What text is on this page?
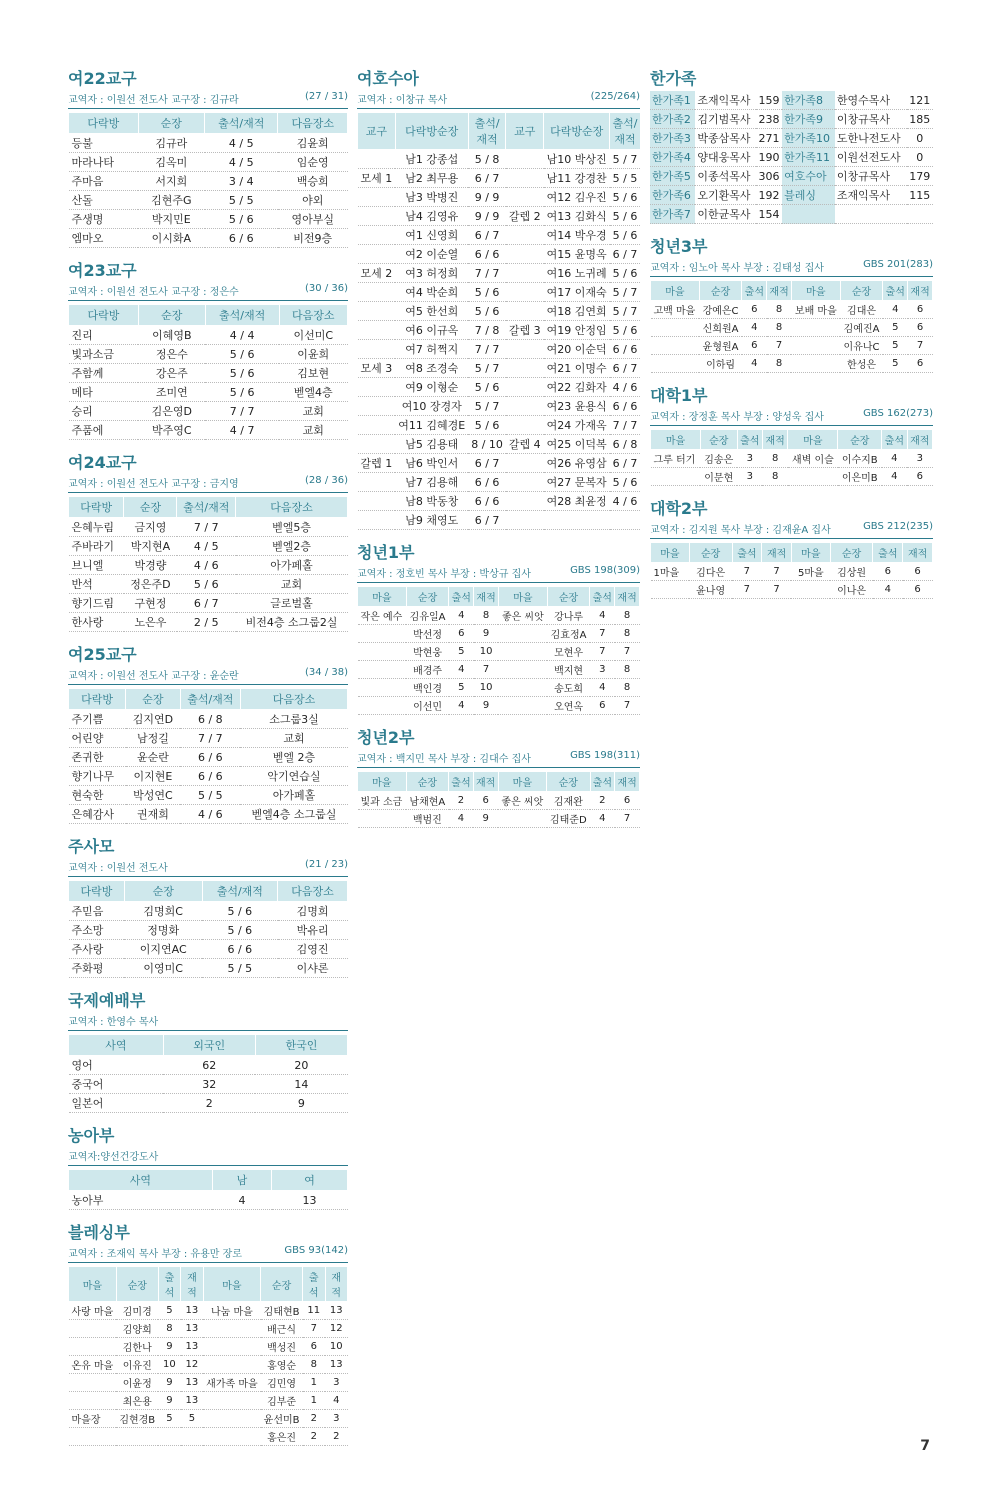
여22교구
교역자 : 이원선 전도사 교구장 : 김규라	(27 / 31)
다락방	순장	출석/재적	다음장소
등불	김규라	4 / 5	김윤희
마라나타	김옥미	4 / 5	임순영
주마음	서지희	3 / 4	백승희
산돌	김현주G	5 / 5	야외
주생명	박지민E	5 / 6	영아부실
엠마오	이시화A	6 / 6	비전9층
여23교구
교역자 : 이원선 전도사 교구장 : 정은수	(30 / 36)
다락방	순장	출석/재적	다음장소
진리	이혜영B	4 / 4	이선미C
빛과소금	정은수	5 / 6	이윤희
주함께	강은주	5 / 6	김보현
메타	조미연	5 / 6	벧엘4층
승리	김은영D	7 / 7	교회
주품에	박주영C	4 / 7	교회
여24교구
교역자 : 이원선 전도사 교구장 : 금지영	(28 / 36)
다락방	순장	출석/재적	다음장소
은혜누림	금지영	7 / 7	벧엘5층
주바라기	박지현A	4 / 5	벧엘2층
브니엘	박경량	4 / 6	아가페홀
반석	정은주D	5 / 6	교회
향기드림	구현정	6 / 7	글로벌홀
한사랑	노은우	2 / 5	비전4층 소그룹2실
여25교구
교역자 : 이원선 전도사 교구장 : 윤순란	(34 / 38)
다락방	순장	출석/재적	다음장소
주기쁨	김지연D	6 / 8	소그룹3실
어린양	남정길	7 / 7	교회
존귀한	윤순란	6 / 6	벧엘 2층
향기나무	이지현E	6 / 6	악기연습실
현숙한	박성연C	5 / 5	아가페홀
은혜감사	권재희	4 / 6	벧엘4층 소그룹실
주사모
교역자 : 이원선 전도사	(21 / 23)
다락방	순장	출석/재적	다음장소
주믿음	김명희C	5 / 6	김명희
주소망	정명화	5 / 6	박유리
주사랑	이지연AC	6 / 6	김영진
주화평	이영미C	5 / 5	이샤론
국제예배부
교역자 : 한영수 목사
사역	외국인	한국인
영어	62	20
중국어	32	14
일본어	2	9
농아부
교역자:양선건강도사
사역	남	여
농아부	4	13
블레싱부
교역자 : 조재익 목사 부장 : 유용만 장로	GBS 93(142)
마을	순장	출석	재적	마을	순장	출석	재적
사랑 마을	김미경	5	13	나눔 마을	김태현B	11	13
	김양희	8	13		배근식	7	12
	김한나	9	13		백성진	6	10
온유 마을	이유진	10	12		홍영순	8	13
	이윤정	9	13	새가족 마을	김민영	1	3
	최은용	9	13		김부준	1	4
마을장	김현경B	5	5		윤선미B	2	3
					홍은진	2	2
여호수아
교역자 : 이창규 목사	(225/264)
교구	다락방순장	출석/재적	교구	다락방순장	출석/재적
	남1 강종섭	5 / 8		남10 박상진	5 / 7
모세 1	남2 최무용	6 / 7		남11 강경찬	5 / 5
	남3 박병진	9 / 9		여12 김우진	5 / 6
	남4 김영유	9 / 9	갈렙 2	여13 김화식	5 / 6
	여1 신영희	6 / 7		여14 박우경	5 / 6
	여2 이순열	6 / 6		여15 윤명옥	6 / 7
모세 2	여3 허정희	7 / 7		여16 노귀례	5 / 6
	여4 박순희	5 / 6		여17 이재숙	5 / 7
	여5 한선희	5 / 6		여18 김연희	5 / 7
	여6 이규옥	7 / 8	갈렙 3	여19 안정임	5 / 6
	여7 허쩍지	7 / 7		여20 이순덕	6 / 6
모세 3	여8 조경숙	5 / 7		여21 이명수	6 / 7
	여9 이형순	5 / 6		여22 김화자	4 / 6
	여10 장경자	5 / 7		여23 윤용식	6 / 6
	여11 김혜경E	5 / 6		여24 가재옥	7 / 7
	남5 김용태	8 / 10	갈렙 4	여25 이덕복	6 / 8
갈렙 1	남6 박인서	6 / 7		여26 유영삼	6 / 7
	남7 김용해	6 / 6		여27 문복자	5 / 6
	남8 박동창	6 / 6		여28 최윤정	4 / 6
	남9 채영도	6 / 7			
청년1부
교역자 : 정호빈 목사 부장 : 박상규 집사	GBS 198(309)
마을	순장	출석	재적	마을	순장	출석	재적
작은 예수	김유일A	4	8	좋은 씨앗	강나루	4	8
	박선정	6	9		김효정A	7	8
	박현웅	5	10		모현우	7	7
	배경주	4	7		백지현	3	8
	백인경	5	10		송도희	4	8
	이선민	4	9		오연옥	6	7
청년2부
교역자 : 백지민 목사 부장 : 김대수 집사	GBS 198(311)
마을	순장	출석	재적	마을	순장	출석	재적
빛과 소금	남채현A	2	6	좋은 씨앗	김재완	2	6
	백범진	4	9		김태준D	4	7
한가족
한가족1	조재익목사	159	한가족8	한영수목사	121
한가족2	김기범목사	238	한가족9	이창규목사	185
한가족3	박종삼목사	271	한가족10	도한나전도사	0
한가족4	양대웅목사	190	한가족11	이원선전도사	0
한가족5	이종석목사	306	여호수아	이창규목사	179
한가족6	오기환목사	192	블레싱	조재익목사	115
한가족7	이한균목사	154			
청년3부
교역자 : 임노아 목사 부장 : 김태성 집사	GBS 201(283)
마을	순장	출석	재적	마을	순장	출석	재적
고백 마을	강예은C	6	8	보배 마을	김대은	4	6
	신희원A	4	8		김예진A	5	6
	윤형원A	6	7		이유나C	5	7
	이하림	4	8		한성은	5	6
대학1부
교역자 : 장정훈 목사 부장 : 양성욱 집사	GBS 162(273)
마을	순장	출석	재적	마을	순장	출석	재적
그루 터기	김송은	3	8	새벽 이슬	이수지B	4	3
	이문현	3	8		이은미B	4	6
대학2부
교역자 : 김지원 목사 부장 : 김재윤A 집사	GBS 212(235)
마을	순장	출석	재적	마을	순장	출석	재적
1마을	김다은	7	7	5마을	김상원	6	6
	윤나영	7	7		이나은	4	6
7
